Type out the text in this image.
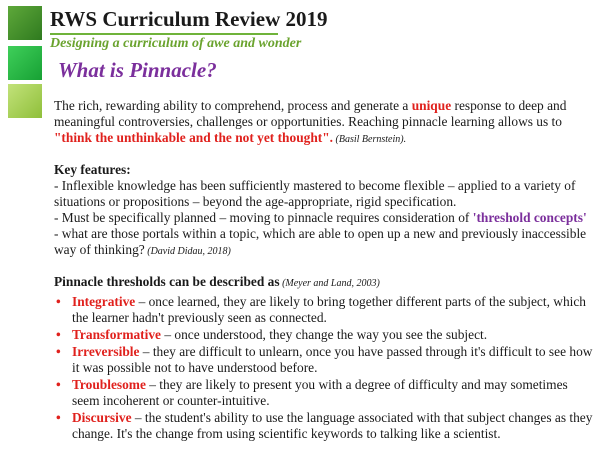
RWS Curriculum Review 2019
Designing a curriculum of awe and wonder
What is Pinnacle?

The rich, rewarding ability to comprehend, process and generate a unique response to deep and meaningful controversies, challenges or opportunities. Reaching pinnacle learning allows us to "think the unthinkable and the not yet thought". (Basil Bernstein).

Key features:

- Inflexible knowledge has been sufficiently mastered to become flexible – applied to a variety of situations or propositions – beyond the age-appropriate, rigid specification.

- Must be specifically planned – moving to pinnacle requires consideration of 'threshold concepts' - what are those portals within a topic, which are able to open up a new and previously inaccessible way of thinking? (David Didau, 2018)

Pinnacle thresholds can be described as (Meyer and Land, 2003)

• Integrative – once learned, they are likely to bring together different parts of the subject, which the learner hadn't previously seen as connected.
• Transformative – once understood, they change the way you see the subject.
• Irreversible – they are difficult to unlearn, once you have passed through it's difficult to see how it was possible not to have understood before.
• Troublesome – they are likely to present you with a degree of difficulty and may sometimes seem incoherent or counter-intuitive.
• Discursive – the student's ability to use the language associated with that subject changes as they change. It's the change from using scientific keywords to talking like a scientist.
